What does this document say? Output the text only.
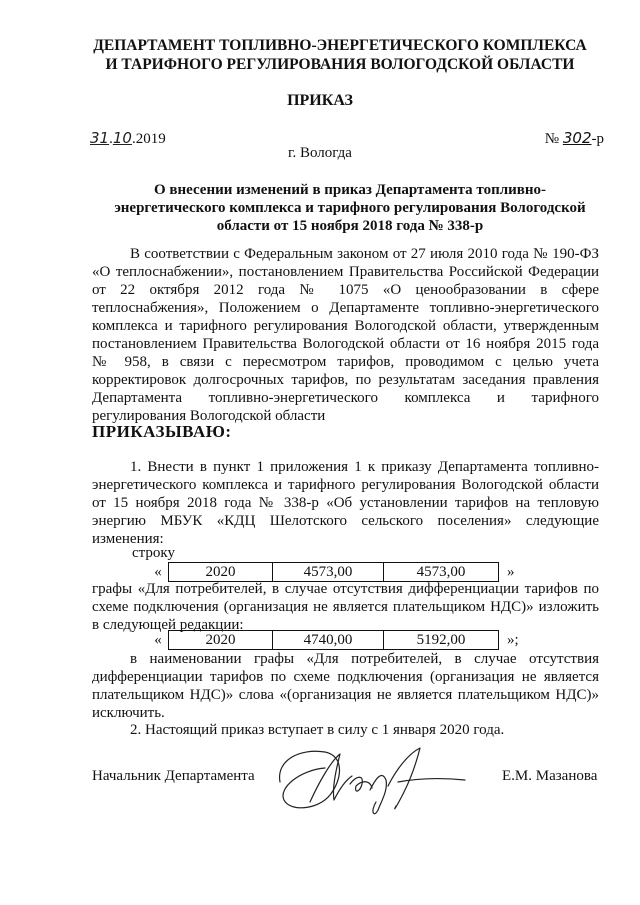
ДЕПАРТАМЕНТ ТОПЛИВНО-ЭНЕРГЕТИЧЕСКОГО КОМПЛЕКСА
И ТАРИФНОГО РЕГУЛИРОВАНИЯ ВОЛОГОДСКОЙ ОБЛАСТИ
ПРИКАЗ
31.10.2019	№ 302-р
г. Вологда
О внесении изменений в приказ Департамента топливно-
энергетического комплекса и тарифного регулирования Вологодской
области от 15 ноября 2018 года № 338-р
В соответствии с Федеральным законом от 27 июля 2010 года № 190-ФЗ «О теплоснабжении», постановлением Правительства Российской Федерации от 22 октября 2012 года № 1075 «О ценообразовании в сфере теплоснабжения», Положением о Департаменте топливно-энергетического комплекса и тарифного регулирования Вологодской области, утвержденным постановлением Правительства Вологодской области от 16 ноября 2015 года № 958, в связи с пересмотром тарифов, проводимом с целью учета корректировок долгосрочных тарифов, по результатам заседания правления Департамента топливно-энергетического комплекса и тарифного регулирования Вологодской области
ПРИКАЗЫВАЮ:
1. Внести в пункт 1 приложения 1 к приказу Департамента топливно-энергетического комплекса и тарифного регулирования Вологодской области от 15 ноября 2018 года № 338-р «Об установлении тарифов на тепловую энергию МБУК «КДЦ Шелотского сельского поселения» следующие изменения:
строку
«	2020	4573,00	4573,00	»
графы «Для потребителей, в случае отсутствия дифференциации тарифов по схеме подключения (организация не является плательщиком НДС)» изложить в следующей редакции:
«	2020	4740,00	5192,00	»;
в наименовании графы «Для потребителей, в случае отсутствия дифференциации тарифов по схеме подключения (организация не является плательщиком НДС)» слова «(организация не является плательщиком НДС)» исключить.
2. Настоящий приказ вступает в силу с 1 января 2020 года.
Начальник Департамента	Е.М. Мазанова
